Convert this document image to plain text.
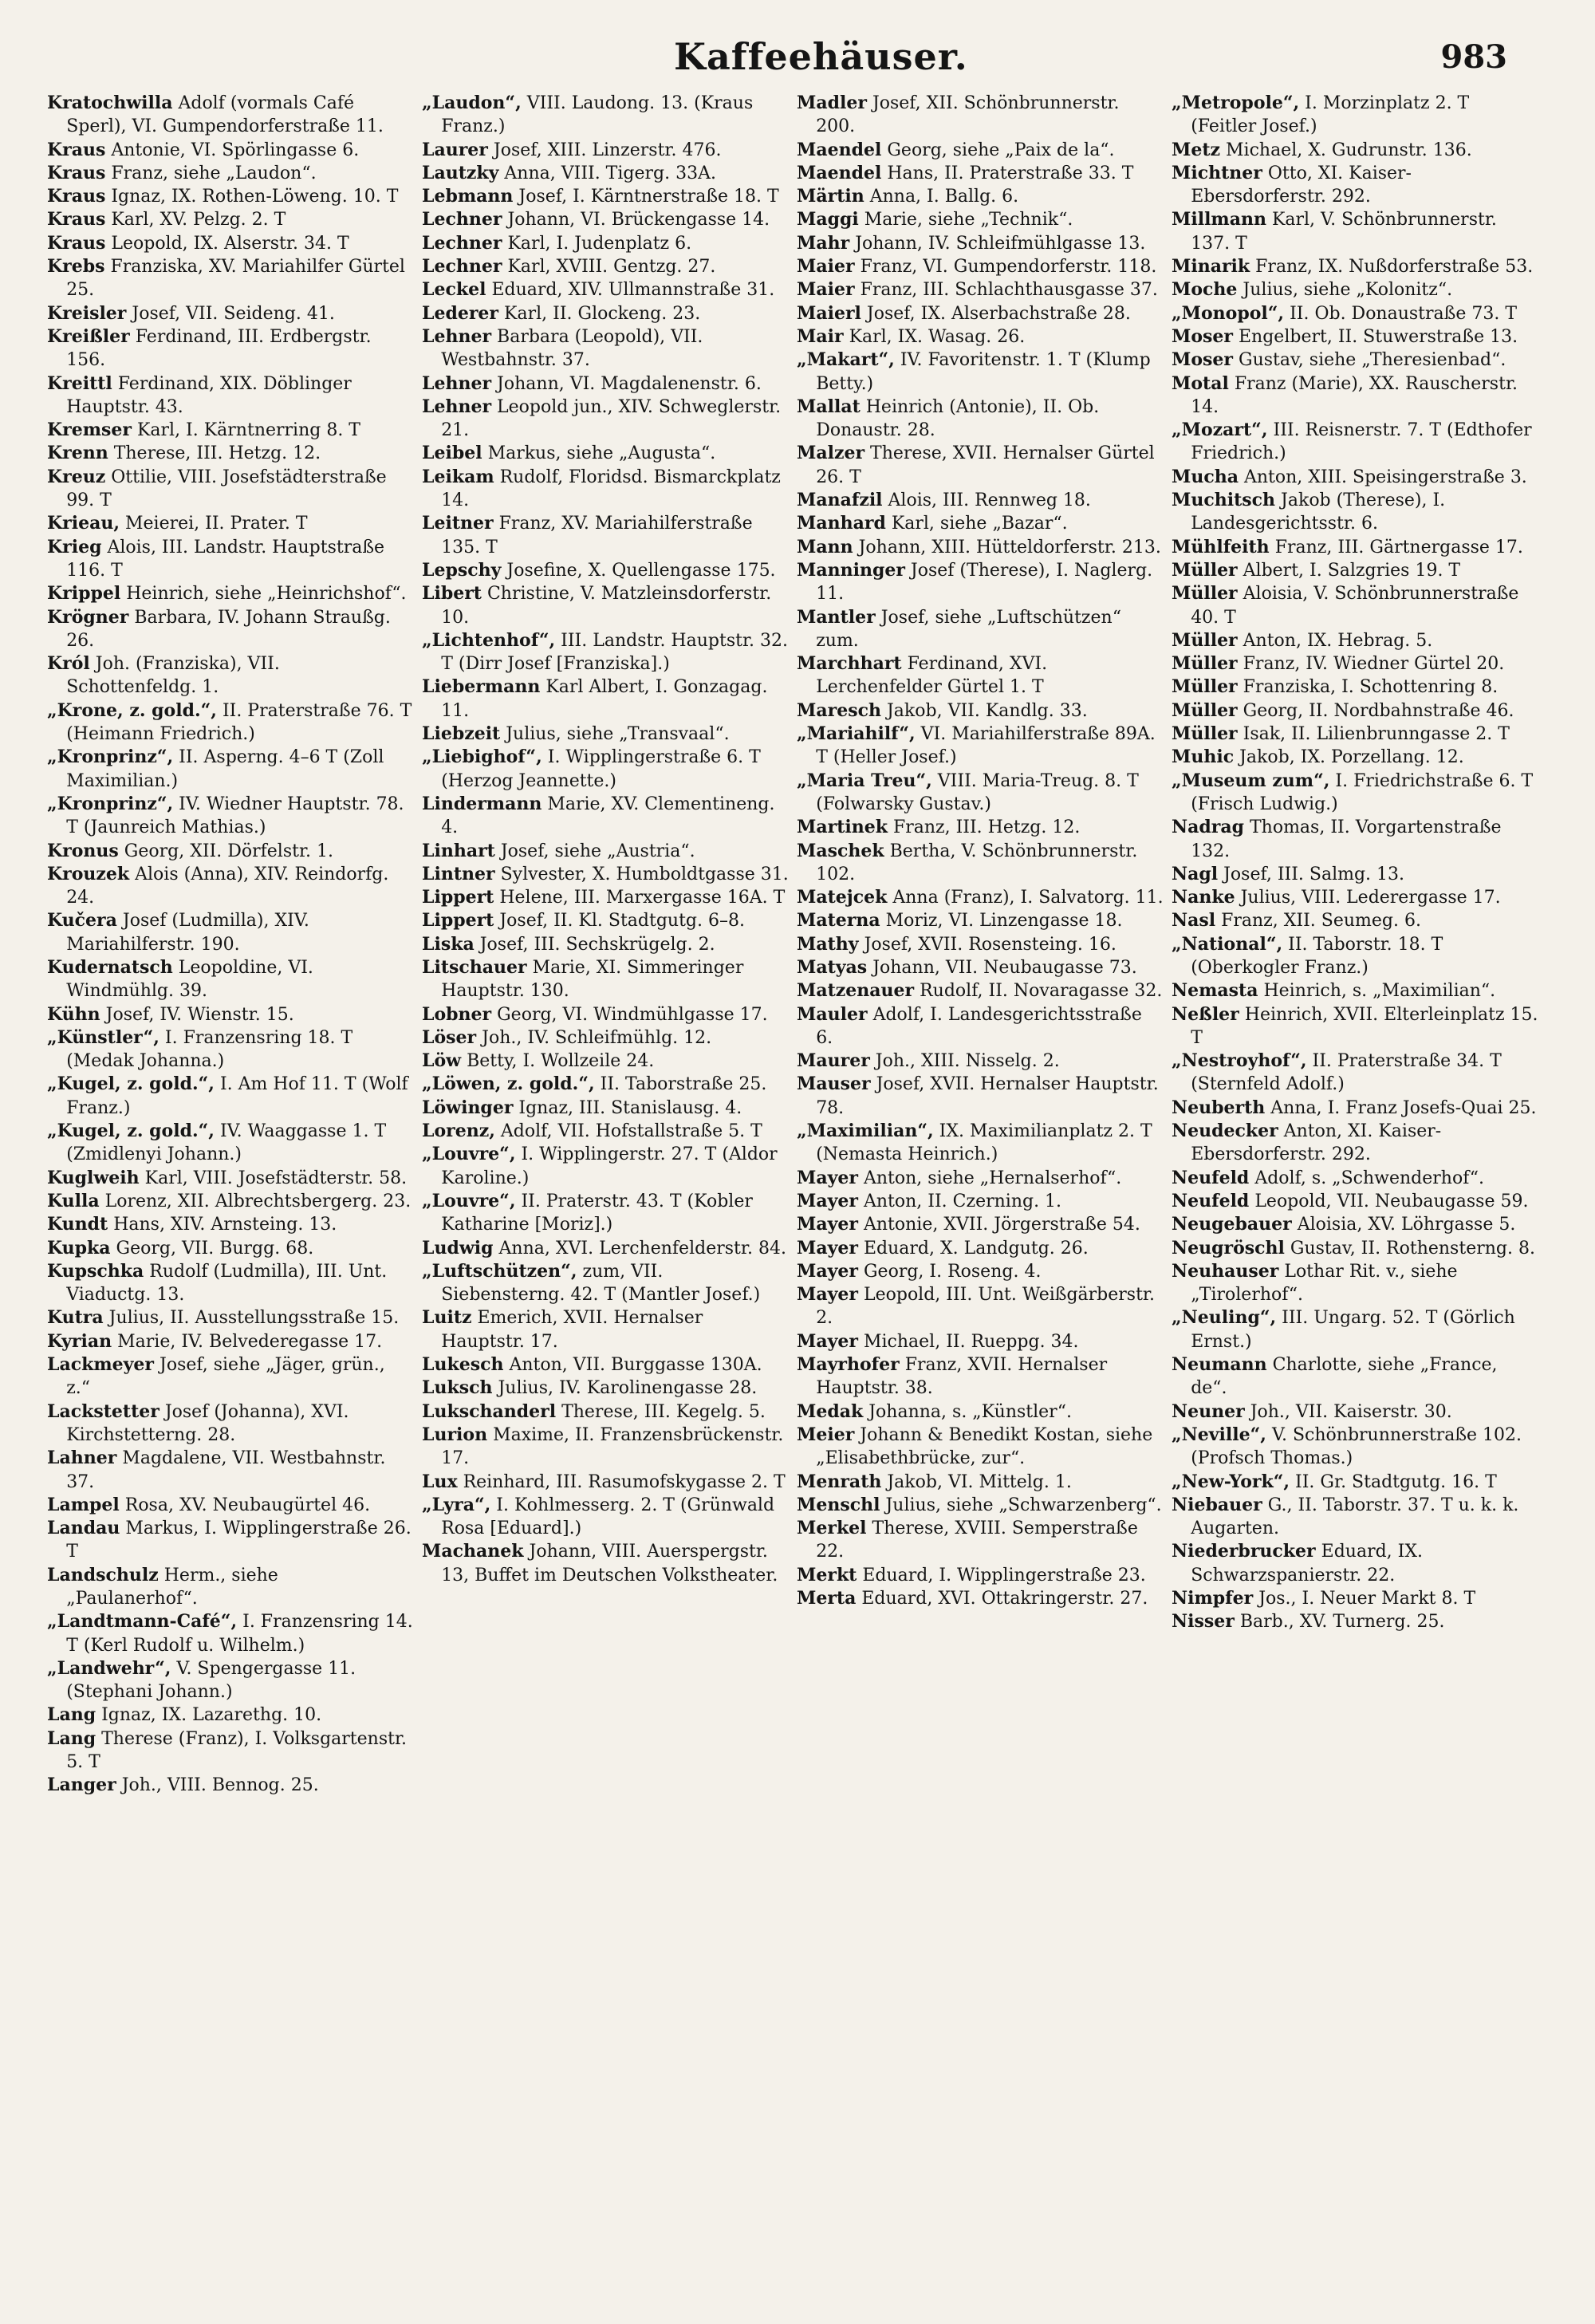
Kaffeehäuser.	983
Kratochwilla Adolf (vormals Café Sperl), VI. Gumpendorferstraße 11.
Kraus Antonie, VI. Spörlingasse 6.
Kraus Franz, siehe „Laudon“.
Kraus Ignaz, IX. Rothen-Löweng. 10. T
Kraus Karl, XV. Pelzg. 2. T
Kraus Leopold, IX. Alserstr. 34. T
Krebs Franziska, XV. Mariahilfer Gürtel 25.
Kreisler Josef, VII. Seideng. 41.
Kreißler Ferdinand, III. Erdbergstr. 156.
Kreittl Ferdinand, XIX. Döblinger Hauptstr. 43.
Kremser Karl, I. Kärntnerring 8. T
Krenn Therese, III. Hetzg. 12.
Kreuz Ottilie, VIII. Josefstädterstraße 99. T
Krieau, Meierei, II. Prater. T
Krieg Alois, III. Landstr. Hauptstraße 116. T
Krippel Heinrich, siehe „Heinrichshof“.
Krögner Barbara, IV. Johann Straußg. 26.
Król Joh. (Franziska), VII. Schottenfeldg. 1.
„Krone, z. gold.“, II. Praterstraße 76. T (Heimann Friedrich.)
„Kronprinz“, II. Asperng. 4–6 T (Zoll Maximilian.)
„Kronprinz“, IV. Wiedner Hauptstr. 78. T (Jaunreich Mathias.)
Kronus Georg, XII. Dörfelstr. 1.
Krouzek Alois (Anna), XIV. Reindorfg. 24.
Kučera Josef (Ludmilla), XIV. Mariahilferstr. 190.
Kudernatsch Leopoldine, VI. Windmühlg. 39.
Kühn Josef, IV. Wienstr. 15.
„Künstler“, I. Franzensring 18. T (Medak Johanna.)
„Kugel, z. gold.“, I. Am Hof 11. T (Wolf Franz.)
„Kugel, z. gold.“, IV. Waaggasse 1. T (Zmidlenyi Johann.)
Kuglweih Karl, VIII. Josefstädterstr. 58.
Kulla Lorenz, XII. Albrechtsbergerg. 23.
Kundt Hans, XIV. Arnsteing. 13.
Kupka Georg, VII. Burgg. 68.
Kupschka Rudolf (Ludmilla), III. Unt. Viaductg. 13.
Kutra Julius, II. Ausstellungsstraße 15.
Kyrian Marie, IV. Belvederegasse 17.
Lackmeyer Josef, siehe „Jäger, grün., z.“
Lackstetter Josef (Johanna), XVI. Kirchstetterng. 28.
Lahner Magdalene, VII. Westbahnstr. 37.
Lampel Rosa, XV. Neubaugürtel 46.
Landau Markus, I. Wipplingerstraße 26. T
Landschulz Herm., siehe „Paulanerhof“.
„Landtmann-Café“, I. Franzensring 14. T (Kerl Rudolf u. Wilhelm.)
„Landwehr“, V. Spengergasse 11. (Stephani Johann.)
Lang Ignaz, IX. Lazarethg. 10.
Lang Therese (Franz), I. Volksgartenstr. 5. T
Langer Joh., VIII. Bennog. 25.
„Laudon“, VIII. Laudong. 13. (Kraus Franz.)
Laurer Josef, XIII. Linzerstr. 476.
Lautzky Anna, VIII. Tigerg. 33A.
Lebmann Josef, I. Kärntnerstraße 18. T
Lechner Johann, VI. Brückengasse 14.
Lechner Karl, I. Judenplatz 6.
Lechner Karl, XVIII. Gentzg. 27.
Leckel Eduard, XIV. Ullmannstraße 31.
Lederer Karl, II. Glockeng. 23.
Lehner Barbara (Leopold), VII. Westbahnstr. 37.
Lehner Johann, VI. Magdalenenstr. 6.
Lehner Leopold jun., XIV. Schweglerstr. 21.
Leibel Markus, siehe „Augusta“.
Leikam Rudolf, Floridsd. Bismarckplatz 14.
Leitner Franz, XV. Mariahilferstraße 135. T
Lepschy Josefine, X. Quellengasse 175.
Libert Christine, V. Matzleinsdorferstr. 10.
„Lichtenhof“, III. Landstr. Hauptstr. 32. T (Dirr Josef [Franziska].)
Liebermann Karl Albert, I. Gonzagag. 11.
Liebzeit Julius, siehe „Transvaal“.
„Liebighof“, I. Wipplingerstraße 6. T (Herzog Jeannette.)
Lindermann Marie, XV. Clementineng. 4.
Linhart Josef, siehe „Austria“.
Lintner Sylvester, X. Humboldtgasse 31.
Lippert Helene, III. Marxergasse 16A. T
Lippert Josef, II. Kl. Stadtgutg. 6–8.
Liska Josef, III. Sechskrügelg. 2.
Litschauer Marie, XI. Simmeringer Hauptstr. 130.
Lobner Georg, VI. Windmühlgasse 17.
Löser Joh., IV. Schleifmühlg. 12.
Löw Betty, I. Wollzeile 24.
„Löwen, z. gold.“, II. Taborstraße 25.
Löwinger Ignaz, III. Stanislausg. 4.
Lorenz, Adolf, VII. Hofstallstraße 5. T
„Louvre“, I. Wipplingerstr. 27. T (Aldor Karoline.)
„Louvre“, II. Praterstr. 43. T (Kobler Katharine [Moriz].)
Ludwig Anna, XVI. Lerchenfelderstr. 84.
„Luftschützen“, zum, VII. Siebensterng. 42. T (Mantler Josef.)
Luitz Emerich, XVII. Hernalser Hauptstr. 17.
Lukesch Anton, VII. Burggasse 130A.
Luksch Julius, IV. Karolinengasse 28.
Lukschanderl Therese, III. Kegelg. 5.
Lurion Maxime, II. Franzensbrückenstr. 17.
Lux Reinhard, III. Rasumofskygasse 2. T
„Lyra“, I. Kohlmesserg. 2. T (Grünwald Rosa [Eduard].)
Machanek Johann, VIII. Auerspergstr. 13, Buffet im Deutschen Volkstheater.
Madler Josef, XII. Schönbrunnerstr. 200.
Maendel Georg, siehe „Paix de la“.
Maendel Hans, II. Praterstraße 33. T
Märtin Anna, I. Ballg. 6.
Maggi Marie, siehe „Technik“.
Mahr Johann, IV. Schleifmühlgasse 13.
Maier Franz, VI. Gumpendorferstr. 118.
Maier Franz, III. Schlachthausgasse 37.
Maierl Josef, IX. Alserbachstraße 28.
Mair Karl, IX. Wasag. 26.
„Makart“, IV. Favoritenstr. 1. T (Klump Betty.)
Mallat Heinrich (Antonie), II. Ob. Donaustr. 28.
Malzer Therese, XVII. Hernalser Gürtel 26. T
Manafzil Alois, III. Rennweg 18.
Manhard Karl, siehe „Bazar“.
Mann Johann, XIII. Hütteldorferstr. 213.
Manninger Josef (Therese), I. Naglerg. 11.
Mantler Josef, siehe „Luftschützen“ zum.
Marchhart Ferdinand, XVI. Lerchenfelder Gürtel 1. T
Maresch Jakob, VII. Kandlg. 33.
„Mariahilf“, VI. Mariahilferstraße 89A. T (Heller Josef.)
„Maria Treu“, VIII. Maria-Treug. 8. T (Folwarsky Gustav.)
Martinek Franz, III. Hetzg. 12.
Maschek Bertha, V. Schönbrunnerstr. 102.
Matejcek Anna (Franz), I. Salvatorg. 11.
Materna Moriz, VI. Linzengasse 18.
Mathy Josef, XVII. Rosensteing. 16.
Matyas Johann, VII. Neubaugasse 73.
Matzenauer Rudolf, II. Novaragasse 32.
Mauler Adolf, I. Landesgerichtsstraße 6.
Maurer Joh., XIII. Nisselg. 2.
Mauser Josef, XVII. Hernalser Hauptstr. 78.
„Maximilian“, IX. Maximilianplatz 2. T (Nemasta Heinrich.)
Mayer Anton, siehe „Hernalserhof“.
Mayer Anton, II. Czerning. 1.
Mayer Antonie, XVII. Jörgerstraße 54.
Mayer Eduard, X. Landgutg. 26.
Mayer Georg, I. Roseng. 4.
Mayer Leopold, III. Unt. Weißgärberstr. 2.
Mayer Michael, II. Rueppg. 34.
Mayrhofer Franz, XVII. Hernalser Hauptstr. 38.
Medak Johanna, s. „Künstler“.
Meier Johann & Benedikt Kostan, siehe „Elisabethbrücke, zur“.
Menrath Jakob, VI. Mittelg. 1.
Menschl Julius, siehe „Schwarzenberg“.
Merkel Therese, XVIII. Semperstraße 22.
Merkt Eduard, I. Wipplingerstraße 23.
Merta Eduard, XVI. Ottakringerstr. 27.
„Metropole“, I. Morzinplatz 2. T (Feitler Josef.)
Metz Michael, X. Gudrunstr. 136.
Michtner Otto, XI. Kaiser-Ebersdorferstr. 292.
Millmann Karl, V. Schönbrunnerstr. 137. T
Minarik Franz, IX. Nußdorferstraße 53.
Moche Julius, siehe „Kolonitz“.
„Monopol“, II. Ob. Donaustraße 73. T
Moser Engelbert, II. Stuwerstraße 13.
Moser Gustav, siehe „Theresienbad“.
Motal Franz (Marie), XX. Rauscherstr. 14.
„Mozart“, III. Reisnerstr. 7. T (Edthofer Friedrich.)
Mucha Anton, XIII. Speisingerstraße 3.
Muchitsch Jakob (Therese), I. Landesgerichtsstr. 6.
Mühlfeith Franz, III. Gärtnergasse 17.
Müller Albert, I. Salzgries 19. T
Müller Aloisia, V. Schönbrunnerstraße 40. T
Müller Anton, IX. Hebrag. 5.
Müller Franz, IV. Wiedner Gürtel 20.
Müller Franziska, I. Schottenring 8.
Müller Georg, II. Nordbahnstraße 46.
Müller Isak, II. Lilienbrunngasse 2. T
Muhic Jakob, IX. Porzellang. 12.
„Museum zum“, I. Friedrichstraße 6. T (Frisch Ludwig.)
Nadrag Thomas, II. Vorgartenstraße 132.
Nagl Josef, III. Salmg. 13.
Nanke Julius, VIII. Lederergasse 17.
Nasl Franz, XII. Seumeg. 6.
„National“, II. Taborstr. 18. T (Oberkogler Franz.)
Nemasta Heinrich, s. „Maximilian“.
Neßler Heinrich, XVII. Elterleinplatz 15. T
„Nestroyhof“, II. Praterstraße 34. T (Sternfeld Adolf.)
Neuberth Anna, I. Franz Josefs-Quai 25.
Neudecker Anton, XI. Kaiser-Ebersdorferstr. 292.
Neufeld Adolf, s. „Schwenderhof“.
Neufeld Leopold, VII. Neubaugasse 59.
Neugebauer Aloisia, XV. Löhrgasse 5.
Neugröschl Gustav, II. Rothensterng. 8.
Neuhauser Lothar Rit. v., siehe „Tirolerhof“.
„Neuling“, III. Ungarg. 52. T (Görlich Ernst.)
Neumann Charlotte, siehe „France, de“.
Neuner Joh., VII. Kaiserstr. 30.
„Neville“, V. Schönbrunnerstraße 102. (Profsch Thomas.)
„New-York“, II. Gr. Stadtgutg. 16. T
Niebauer G., II. Taborstr. 37. T u. k. k. Augarten.
Niederbrucker Eduard, IX. Schwarzspanierstr. 22.
Nimpfer Jos., I. Neuer Markt 8. T
Nisser Barb., XV. Turnerg. 25.
